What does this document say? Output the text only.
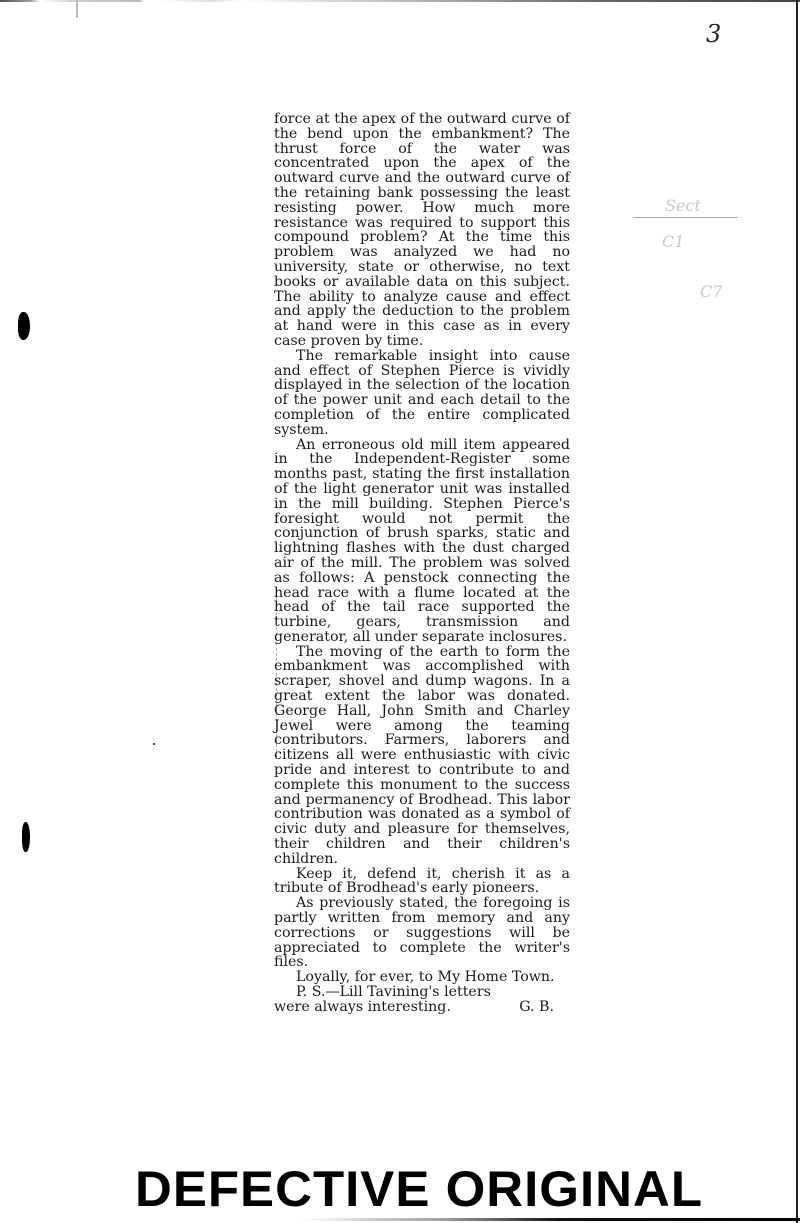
3
Sect
C1
C7

force at the apex of the outward curve of the bend upon the embankment? The thrust force of the water was concentrated upon the apex of the outward curve and the outward curve of the retaining bank possessing the least resisting power. How much more resistance was required to support this compound problem? At the time this problem was analyzed we had no university, state or otherwise, no text books or available data on this subject. The ability to analyze cause and effect and apply the deduction to the problem at hand were in this case as in every case proven by time.

The remarkable insight into cause and effect of Stephen Pierce is vividly displayed in the selection of the location of the power unit and each detail to the completion of the entire complicated system.

An erroneous old mill item appeared in the Independent-Register some months past, stating the first installation of the light generator unit was installed in the mill building. Stephen Pierce's foresight would not permit the conjunction of brush sparks, static and lightning flashes with the dust charged air of the mill. The problem was solved as follows: A penstock connecting the head race with a flume located at the head of the tail race supported the turbine, gears, transmission and generator, all under separate inclosures.

The moving of the earth to form the embankment was accomplished with scraper, shovel and dump wagons. In a great extent the labor was donated. George Hall, John Smith and Charley Jewel were among the teaming contributors. Farmers, laborers and citizens all were enthusiastic with civic pride and interest to contribute to and complete this monument to the success and permanency of Brodhead. This labor contribution was donated as a symbol of civic duty and pleasure for themselves, their children and their children's children.

Keep it, defend it, cherish it as a tribute of Brodhead's early pioneers.

As previously stated, the foregoing is partly written from memory and any corrections or suggestions will be appreciated to complete the writer's files.

Loyally, for ever, to My Home Town.

P. S.—Lill Tavining's letters

were always interesting.	G. B.
DEFECTIVE ORIGINAL
